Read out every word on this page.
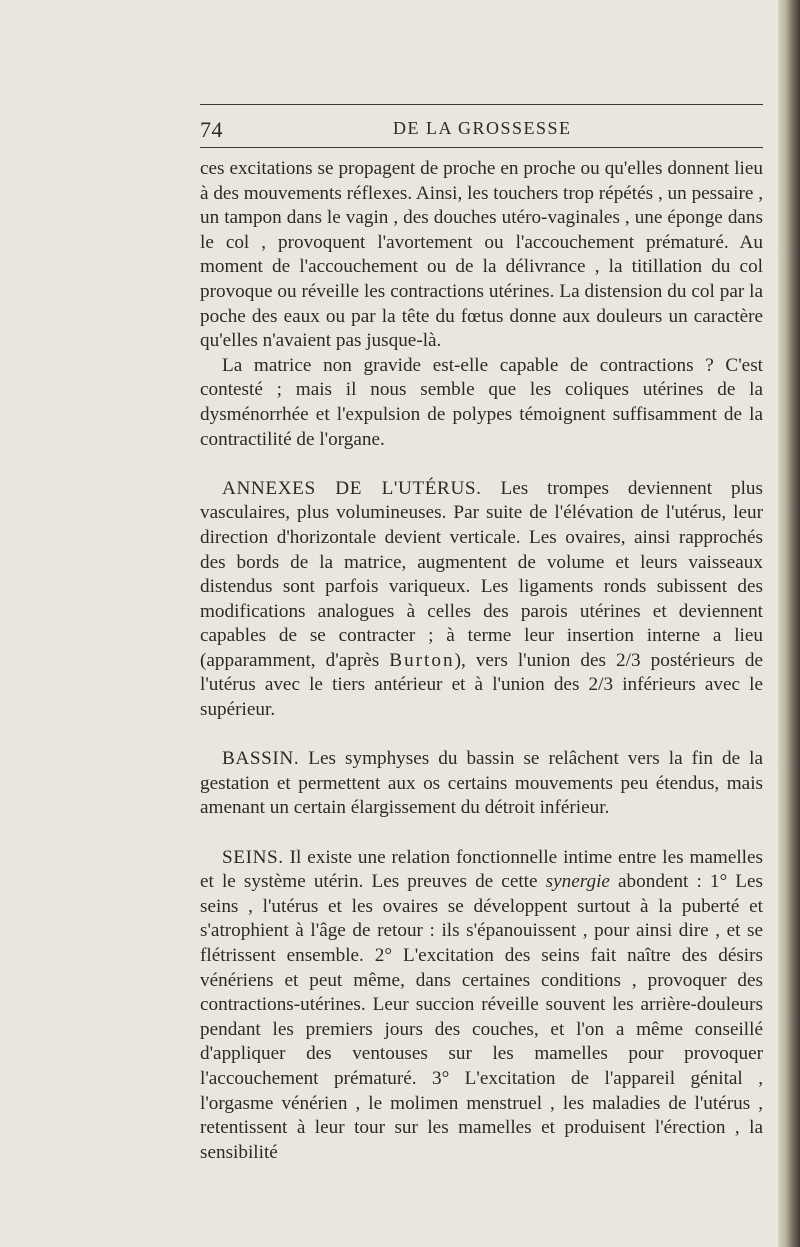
74	DE LA GROSSESSE

ces excitations se propagent de proche en proche ou qu'elles donnent lieu à des mouvements réflexes. Ainsi, les touchers trop répétés , un pessaire , un tampon dans le vagin , des douches utéro-vaginales , une éponge dans le col , provoquent l'avortement ou l'accouchement prématuré. Au moment de l'accouchement ou de la délivrance , la titillation du col provoque ou réveille les contractions utérines. La distension du col par la poche des eaux ou par la tête du fœtus donne aux douleurs un caractère qu'elles n'avaient pas jusque-là.

La matrice non gravide est-elle capable de contractions ? C'est contesté ; mais il nous semble que les coliques utérines de la dysménorrhée et l'expulsion de polypes témoignent suffisamment de la contractilité de l'organe.

ANNEXES DE L'UTÉRUS. Les trompes deviennent plus vasculaires, plus volumineuses. Par suite de l'élévation de l'utérus, leur direction d'horizontale devient verticale. Les ovaires, ainsi rapprochés des bords de la matrice, augmentent de volume et leurs vaisseaux distendus sont parfois variqueux. Les ligaments ronds subissent des modifications analogues à celles des parois utérines et deviennent capables de se contracter ; à terme leur insertion interne a lieu (apparamment, d'après Burton), vers l'union des 2/3 postérieurs de l'utérus avec le tiers antérieur et à l'union des 2/3 inférieurs avec le supérieur.

BASSIN. Les symphyses du bassin se relâchent vers la fin de la gestation et permettent aux os certains mouvements peu étendus, mais amenant un certain élargissement du détroit inférieur.

SEINS. Il existe une relation fonctionnelle intime entre les mamelles et le système utérin. Les preuves de cette synergie abondent : 1° Les seins , l'utérus et les ovaires se développent surtout à la puberté et s'atrophient à l'âge de retour : ils s'épanouissent , pour ainsi dire , et se flétrissent ensemble. 2° L'excitation des seins fait naître des désirs vénériens et peut même, dans certaines conditions , provoquer des contractions-utérines. Leur succion réveille souvent les arrière-douleurs pendant les premiers jours des couches, et l'on a même conseillé d'appliquer des ventouses sur les mamelles pour provoquer l'accouchement prématuré. 3° L'excitation de l'appareil génital , l'orgasme vénérien , le molimen menstruel , les maladies de l'utérus , retentissent à leur tour sur les mamelles et produisent l'érection , la sensibilité
